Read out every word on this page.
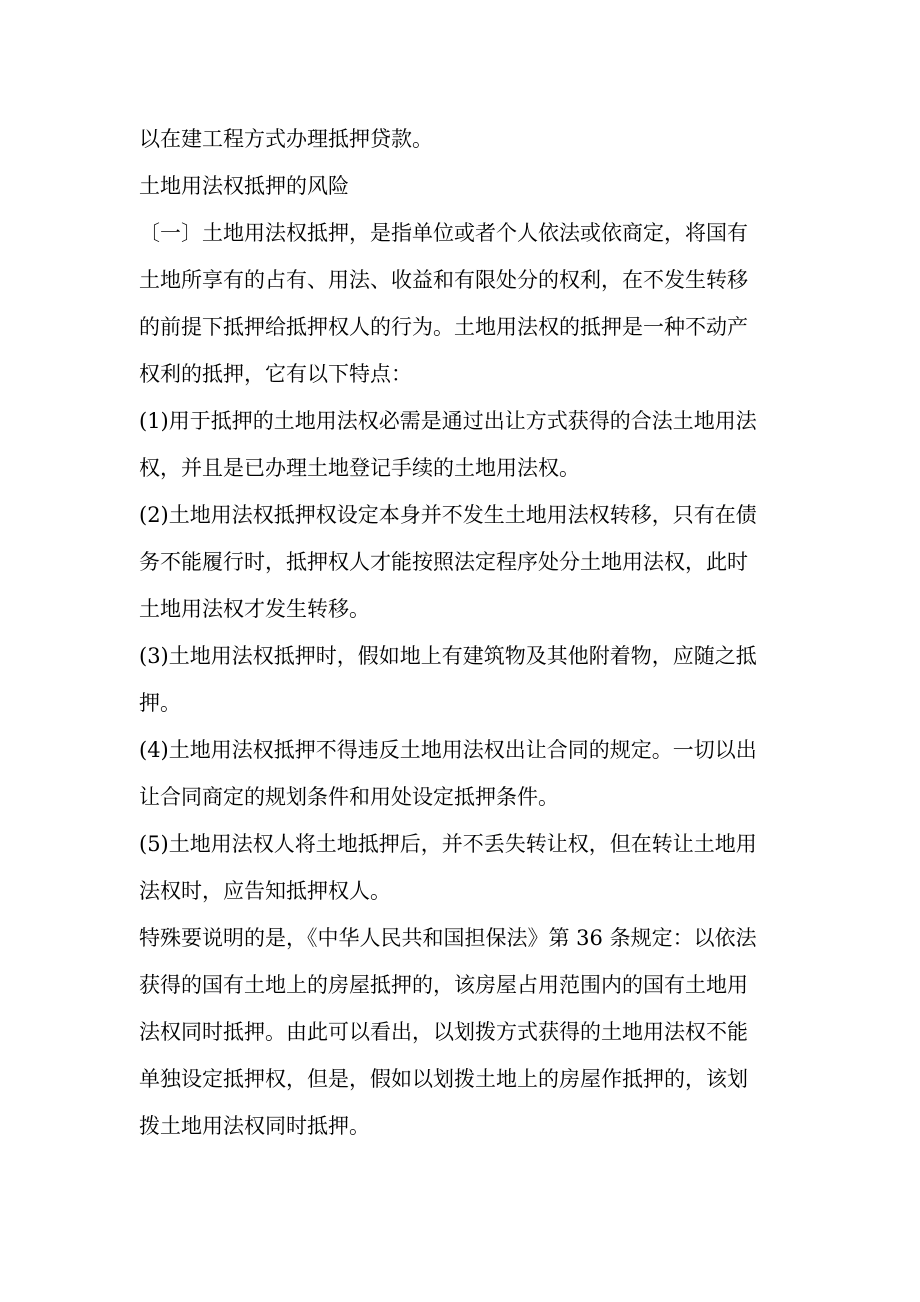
以在建工程方式办理抵押贷款。
土地用法权抵押的风险
〔一〕土地用法权抵押，是指单位或者个人依法或依商定，将国有
土地所享有的占有、用法、收益和有限处分的权利，在不发生转移
的前提下抵押给抵押权人的行为。土地用法权的抵押是一种不动产
权利的抵押，它有以下特点：
(1)用于抵押的土地用法权必需是通过出让方式获得的合法土地用法
权，并且是已办理土地登记手续的土地用法权。
(2)土地用法权抵押权设定本身并不发生土地用法权转移，只有在债
务不能履行时，抵押权人才能按照法定程序处分土地用法权，此时
土地用法权才发生转移。
(3)土地用法权抵押时，假如地上有建筑物及其他附着物，应随之抵
押。
(4)土地用法权抵押不得违反土地用法权出让合同的规定。一切以出
让合同商定的规划条件和用处设定抵押条件。
(5)土地用法权人将土地抵押后，并不丢失转让权，但在转让土地用
法权时，应告知抵押权人。
特殊要说明的是，《中华人民共和国担保法》第 36 条规定：以依法
获得的国有土地上的房屋抵押的，该房屋占用范围内的国有土地用
法权同时抵押。由此可以看出，以划拨方式获得的土地用法权不能
单独设定抵押权，但是，假如以划拨土地上的房屋作抵押的，该划
拨土地用法权同时抵押。
